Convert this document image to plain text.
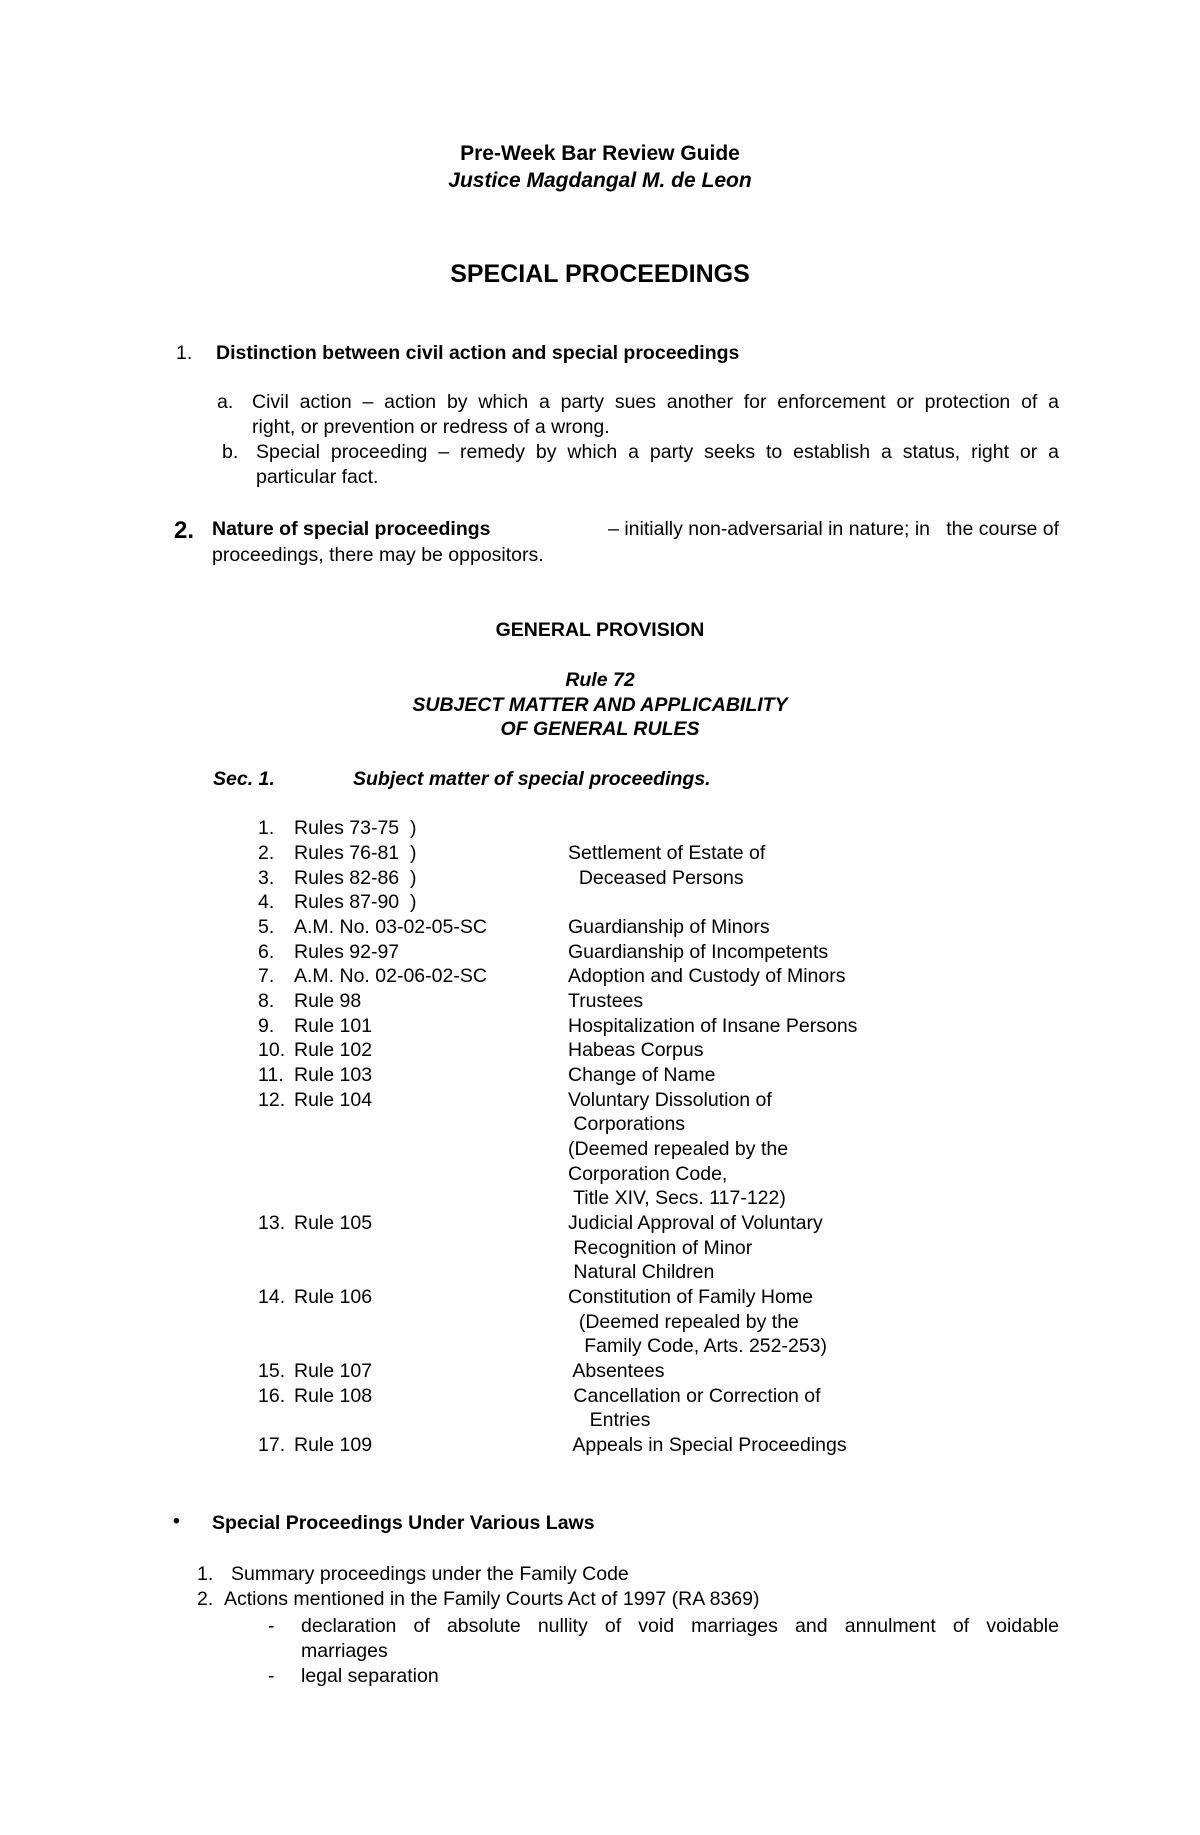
Pre-Week Bar Review Guide
Justice Magdangal M. de Leon
SPECIAL PROCEEDINGS
1. Distinction between civil action and special proceedings
a. Civil action – action by which a party sues another for enforcement or protection of a
right, or prevention or redress of a wrong.
b. Special proceeding – remedy by which a party seeks to establish a status, right or a
particular fact.
2. Nature of special proceedings	– initially non-adversarial in nature; in   the course of
proceedings, there may be oppositors.
GENERAL PROVISION
Rule 72
SUBJECT MATTER AND APPLICABILITY
OF GENERAL RULES
Sec. 1.	Subject matter of special proceedings.
1. Rules 73-75  )
2. Rules 76-81  )	Settlement of Estate of
3. Rules 82-86  )	Deceased Persons
4. Rules 87-90  )
5. A.M. No. 03-02-05-SC	Guardianship of Minors
6. Rules 92-97	Guardianship of Incompetents
7. A.M. No. 02-06-02-SC	Adoption and Custody of Minors
8. Rule 98	Trustees
9. Rule 101	Hospitalization of Insane Persons
10. Rule 102	Habeas Corpus
11. Rule 103	Change of Name
12. Rule 104	Voluntary Dissolution of
Corporations
(Deemed repealed by the
Corporation Code,
Title XIV, Secs. 117-122)
13. Rule 105	Judicial Approval of Voluntary
Recognition of Minor
Natural Children
14. Rule 106	Constitution of Family Home
(Deemed repealed by the
Family Code, Arts. 252-253)
15. Rule 107	Absentees
16. Rule 108	Cancellation or Correction of
Entries
17. Rule 109	Appeals in Special Proceedings
• Special Proceedings Under Various Laws
1. Summary proceedings under the Family Code
2. Actions mentioned in the Family Courts Act of 1997 (RA 8369)
- declaration of absolute nullity of void marriages and annulment of voidable
marriages
- legal separation
